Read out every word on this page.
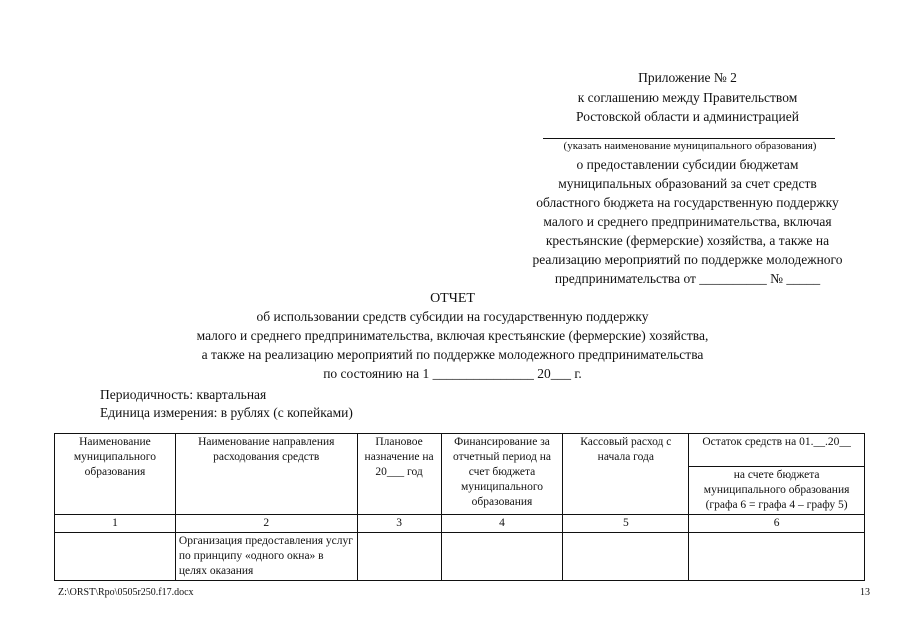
Приложение № 2
к соглашению между Правительством
Ростовской области и администрацией
(указать наименование муниципального образования)
о предоставлении субсидии бюджетам
муниципальных образований за счет средств
областного бюджета на государственную поддержку
малого и среднего предпринимательства, включая
крестьянские (фермерские) хозяйства, а также на
реализацию мероприятий по поддержке молодежного
предпринимательства от __________ № _____
ОТЧЕТ
об использовании средств субсидии на государственную поддержку
малого и среднего предпринимательства, включая крестьянские (фермерские) хозяйства,
а также на реализацию мероприятий по поддержке молодежного предпринимательства
по состоянию на 1 _______________ 20___ г.
Периодичность: квартальная
Единица измерения: в рублях (с копейками)
Наименование муниципального образования	Наименование направления расходования средств	Плановое назначение на 20___ год	Финансирование за отчетный период на счет бюджета муниципального образования	Кассовый расход с начала года	Остаток средств на 01.__.20__
					на счете бюджета муниципального образования (графа 6 = графа 4 – графу 5)
1	2	3	4	5	6
	Организация предоставления услуг по принципу «одного окна» в целях оказания				
Z:\ORST\Rpo\0505r250.f17.docx	13
